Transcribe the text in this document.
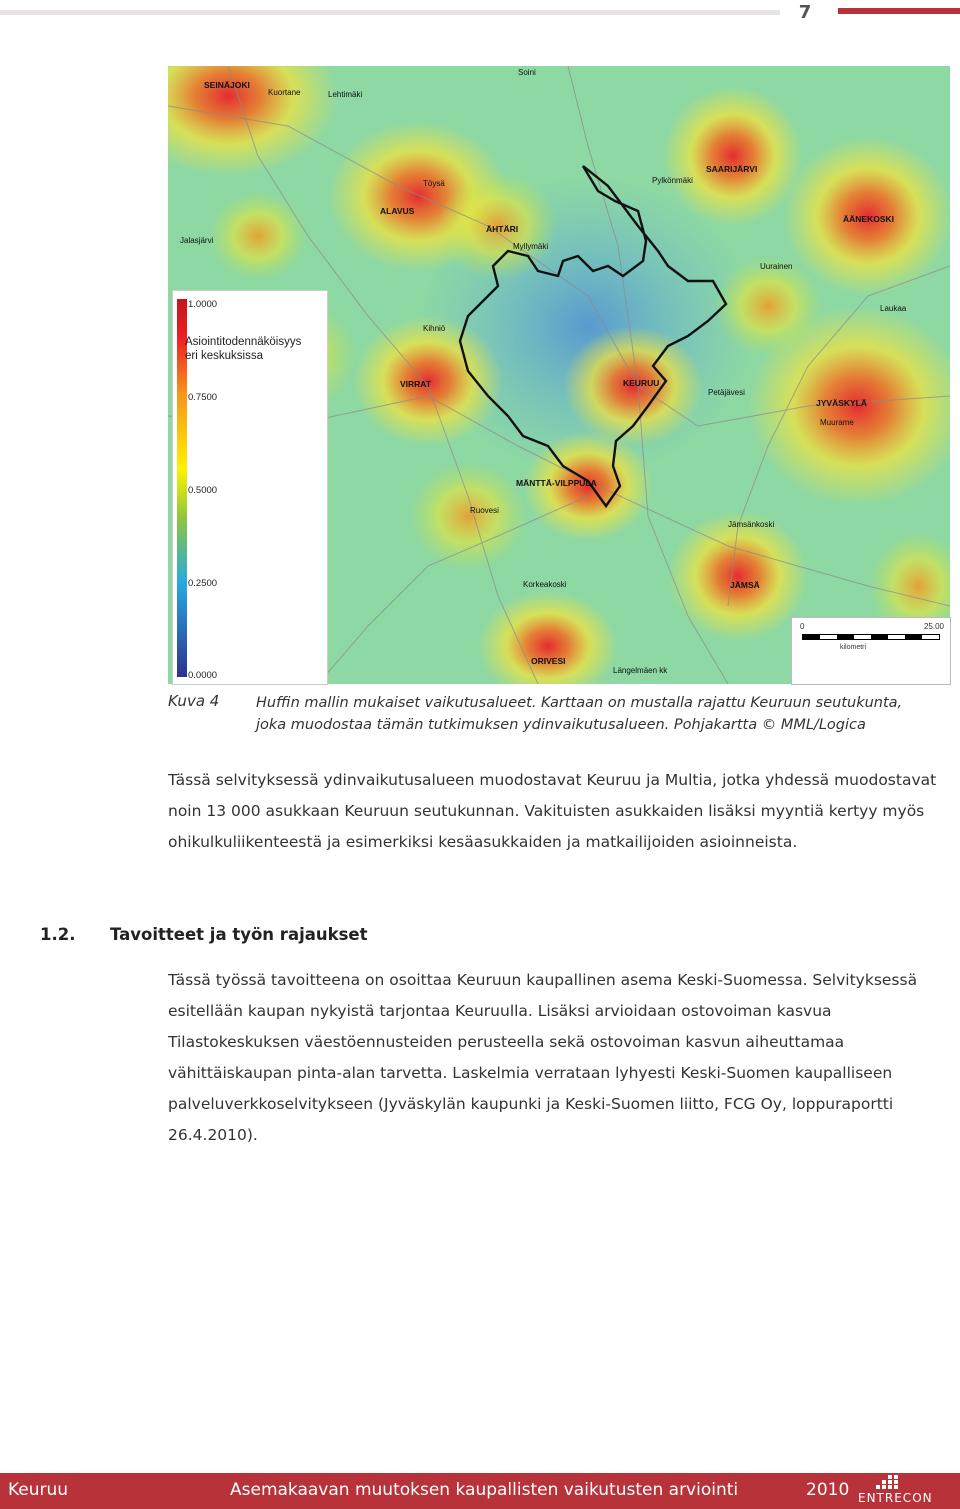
7
SEINÄJOKI
Kuortane	Lehtimäki
Soini
Töysä
ALAVUS
ÄHTÄRI
SAARIJÄRVI
Pylkönmäki
ÄÄNEKOSKI
Uurainen
Laukaa
Myllymäki
Jalasjärvi
Kihniö
VIRRAT	KEURUU
Petäjävesi
JYVÄSKYLÄ
Muurame
MÄNTTÄ-VILPPULA
Ruovesi
Jämsänkoski
JÄMSÄ
Korkeakoski
ORIVESI
Längelmäen kk
1.0000
Asiointitodennäköisyys
eri keskuksissa
0.7500
0.5000
0.2500
0.0000
0	25.00
kilometri
Kuva 4	Huffin mallin mukaiset vaikutusalueet. Karttaan on mustalla rajattu Keuruun seutukunta, joka muodostaa tämän tutkimuksen ydinvaikutusalueen. Pohjakartta © MML/Logica
Tässä selvityksessä ydinvaikutusalueen muodostavat Keuruu ja Multia, jotka yhdessä muodostavat noin 13 000 asukkaan Keuruun seutukunnan. Vakituisten asukkaiden lisäksi myyntiä kertyy myös ohikulkuliikenteestä ja esimerkiksi kesäasukkaiden ja matkailijoiden asioinneista.
1.2. Tavoitteet ja työn rajaukset
Tässä työssä tavoitteena on osoittaa Keuruun kaupallinen asema Keski-Suomessa. Selvityksessä esitellään kaupan nykyistä tarjontaa Keuruulla. Lisäksi arvioidaan ostovoiman kasvua Tilastokeskuksen väestöennusteiden perusteella sekä ostovoiman kasvun aiheuttamaa vähittäiskaupan pinta-alan tarvetta. Laskelmia verrataan lyhyesti Keski-Suomen kaupalliseen palveluverkkoselvitykseen (Jyväskylän kaupunki ja Keski-Suomen liitto, FCG Oy, loppuraportti 26.4.2010).
Keuruu	Asemakaavan muutoksen kaupallisten vaikutusten arviointi	2010 ENTRECON
